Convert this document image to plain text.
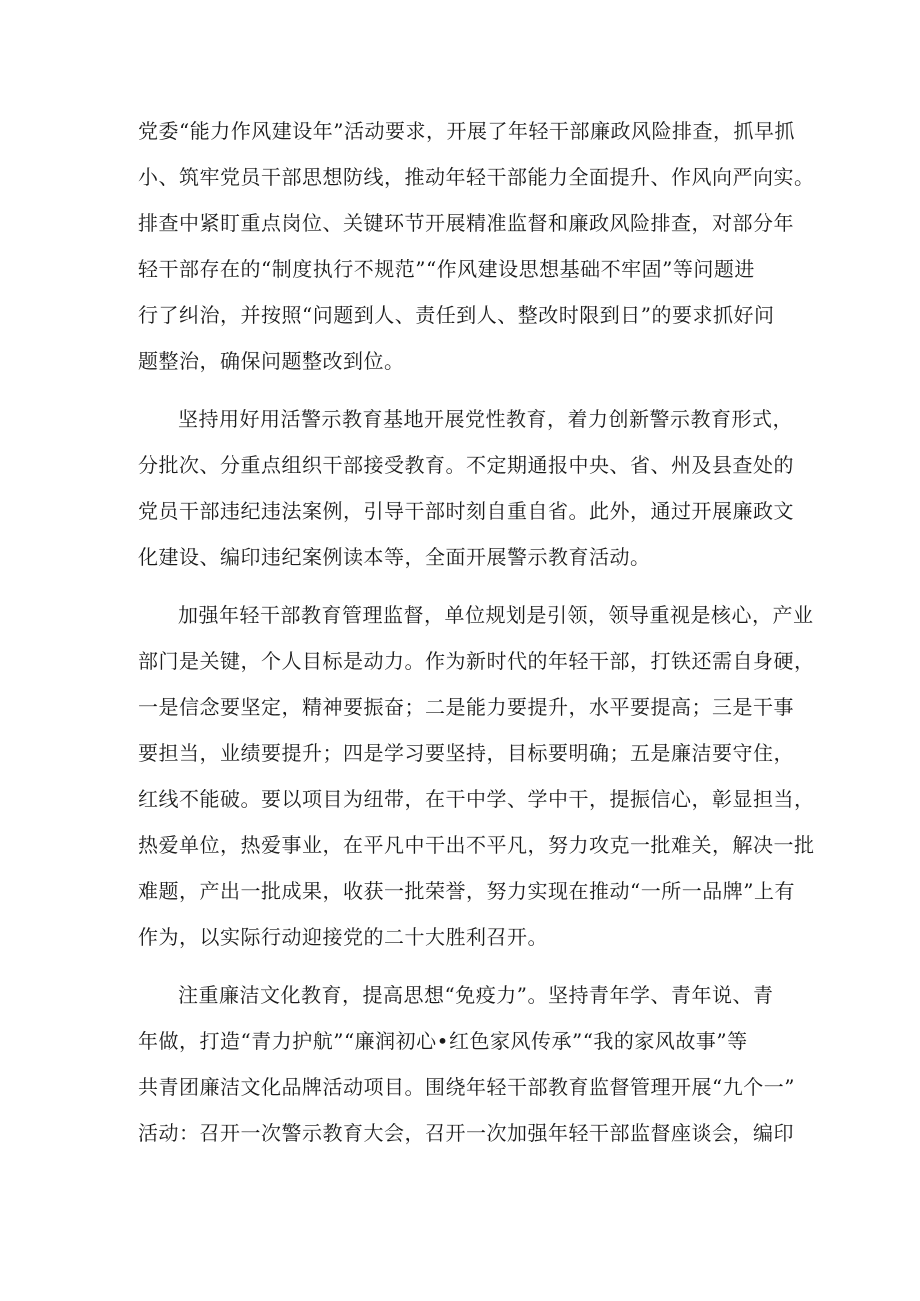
党委“能力作风建设年”活动要求，开展了年轻干部廉政风险排查，抓早抓
小、筑牢党员干部思想防线，推动年轻干部能力全面提升、作风向严向实。
排查中紧盯重点岗位、关键环节开展精准监督和廉政风险排查，对部分年
轻干部存在的“制度执行不规范”“作风建设思想基础不牢固”等问题进
行了纠治，并按照“问题到人、责任到人、整改时限到日”的要求抓好问
题整治，确保问题整改到位。
坚持用好用活警示教育基地开展党性教育，着力创新警示教育形式，
分批次、分重点组织干部接受教育。不定期通报中央、省、州及县查处的
党员干部违纪违法案例，引导干部时刻自重自省。此外，通过开展廉政文
化建设、编印违纪案例读本等，全面开展警示教育活动。
加强年轻干部教育管理监督，单位规划是引领，领导重视是核心，产业
部门是关键，个人目标是动力。作为新时代的年轻干部，打铁还需自身硬，
一是信念要坚定，精神要振奋；二是能力要提升，水平要提高；三是干事
要担当，业绩要提升；四是学习要坚持，目标要明确；五是廉洁要守住，
红线不能破。要以项目为纽带，在干中学、学中干，提振信心，彰显担当，
热爱单位，热爱事业，在平凡中干出不平凡，努力攻克一批难关，解决一批
难题，产出一批成果，收获一批荣誉，努力实现在推动“一所一品牌”上有
作为，以实际行动迎接党的二十大胜利召开。
注重廉洁文化教育，提高思想“免疫力”。坚持青年学、青年说、青
年做，打造“青力护航”“廉润初心•红色家风传承”“我的家风故事”等
共青团廉洁文化品牌活动项目。围绕年轻干部教育监督管理开展“九个一”
活动：召开一次警示教育大会，召开一次加强年轻干部监督座谈会，编印
